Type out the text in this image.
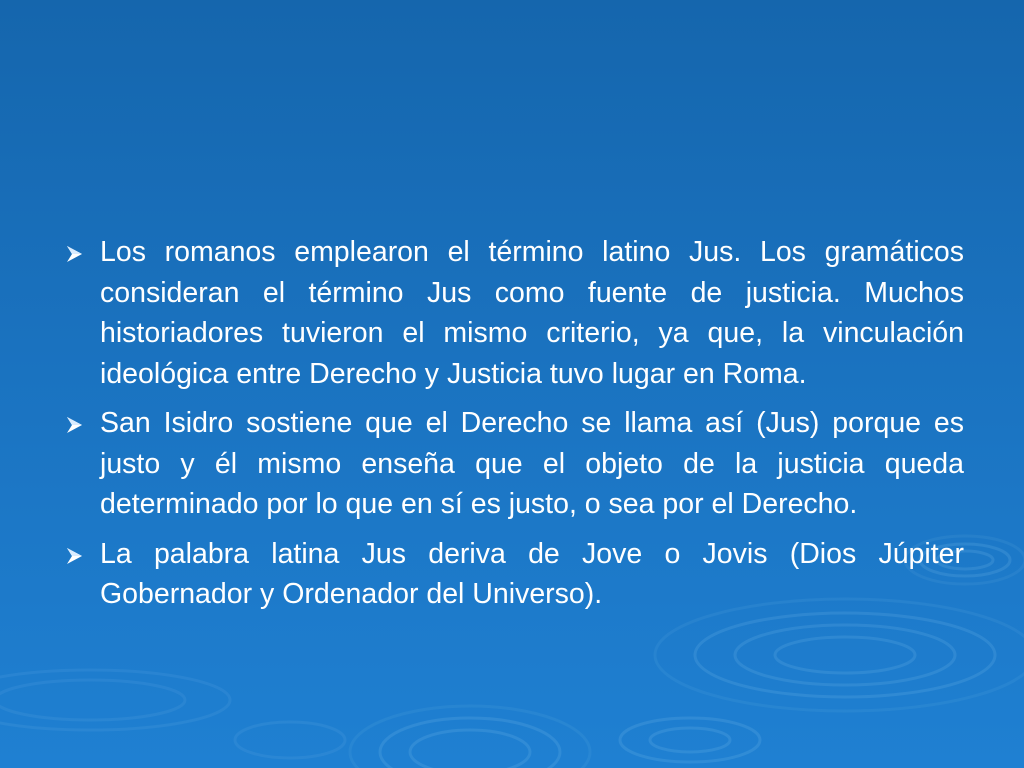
Los romanos emplearon el término latino Jus. Los gramáticos consideran el término Jus como fuente de justicia. Muchos historiadores tuvieron el mismo criterio, ya que, la vinculación ideológica entre Derecho y Justicia tuvo lugar en Roma.
San Isidro sostiene que el Derecho se llama así (Jus) porque es justo y él mismo enseña que el objeto de la justicia queda determinado por lo que en sí es justo, o sea por el Derecho.
La palabra latina Jus deriva de Jove o Jovis (Dios Júpiter Gobernador y Ordenador del Universo).
